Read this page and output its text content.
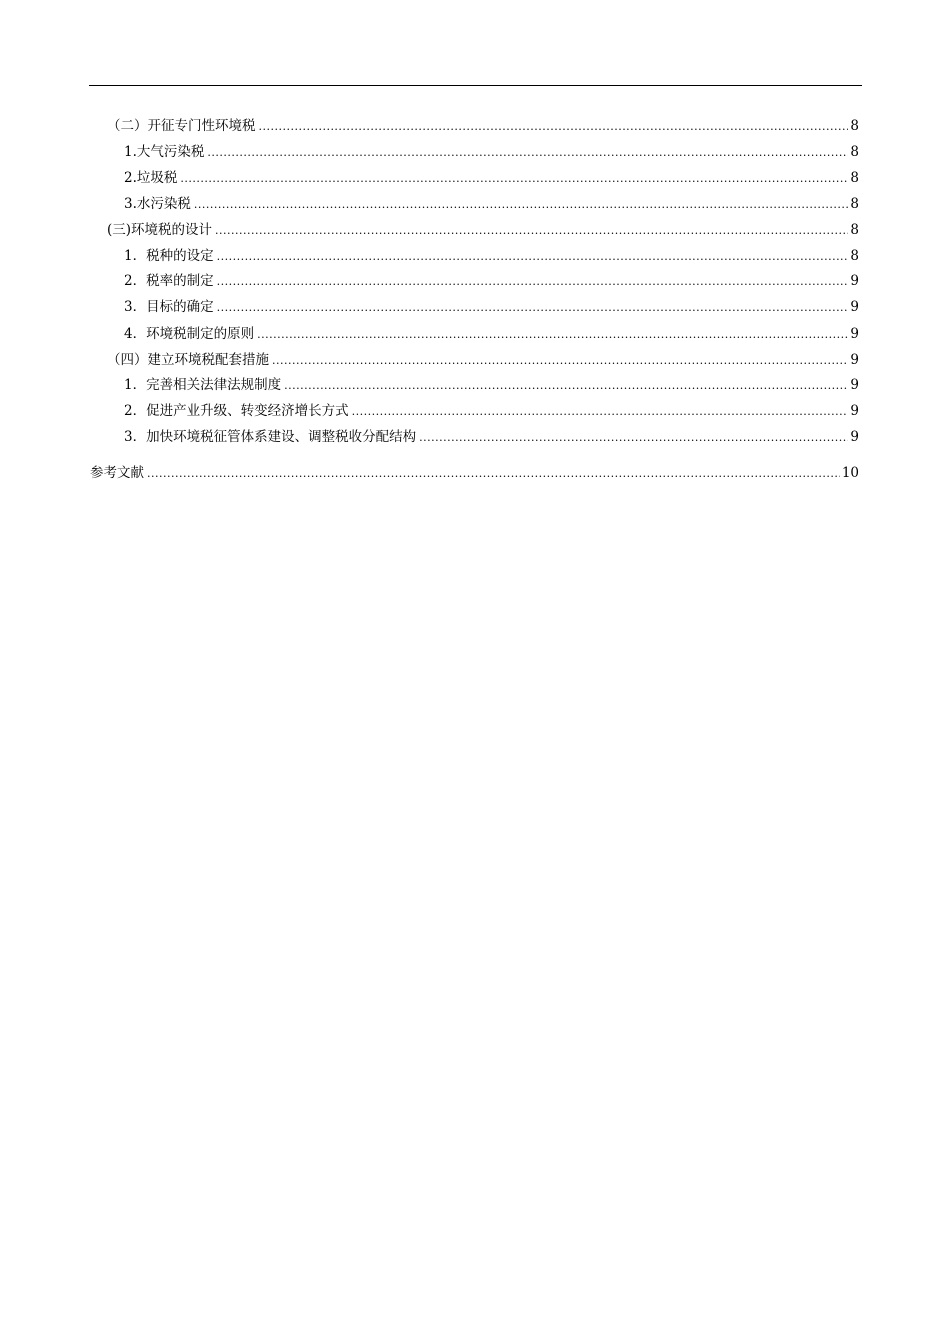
（二）开征专门性环境税 .....	8
1.大气污染税 .....	8
2.垃圾税 .....	8
3.水污染税 .....	8
(三)环境税的设计 .....	8
1．税种的设定 .....	8
2．税率的制定 .....	9
3．目标的确定 .....	9
4．环境税制定的原则 .....	9
（四）建立环境税配套措施 .....	9
1．完善相关法律法规制度 .....	9
2．促进产业升级、转变经济增长方式 .....	9
3．加快环境税征管体系建设、调整税收分配结构 .....	9
参考文献 .....	10
